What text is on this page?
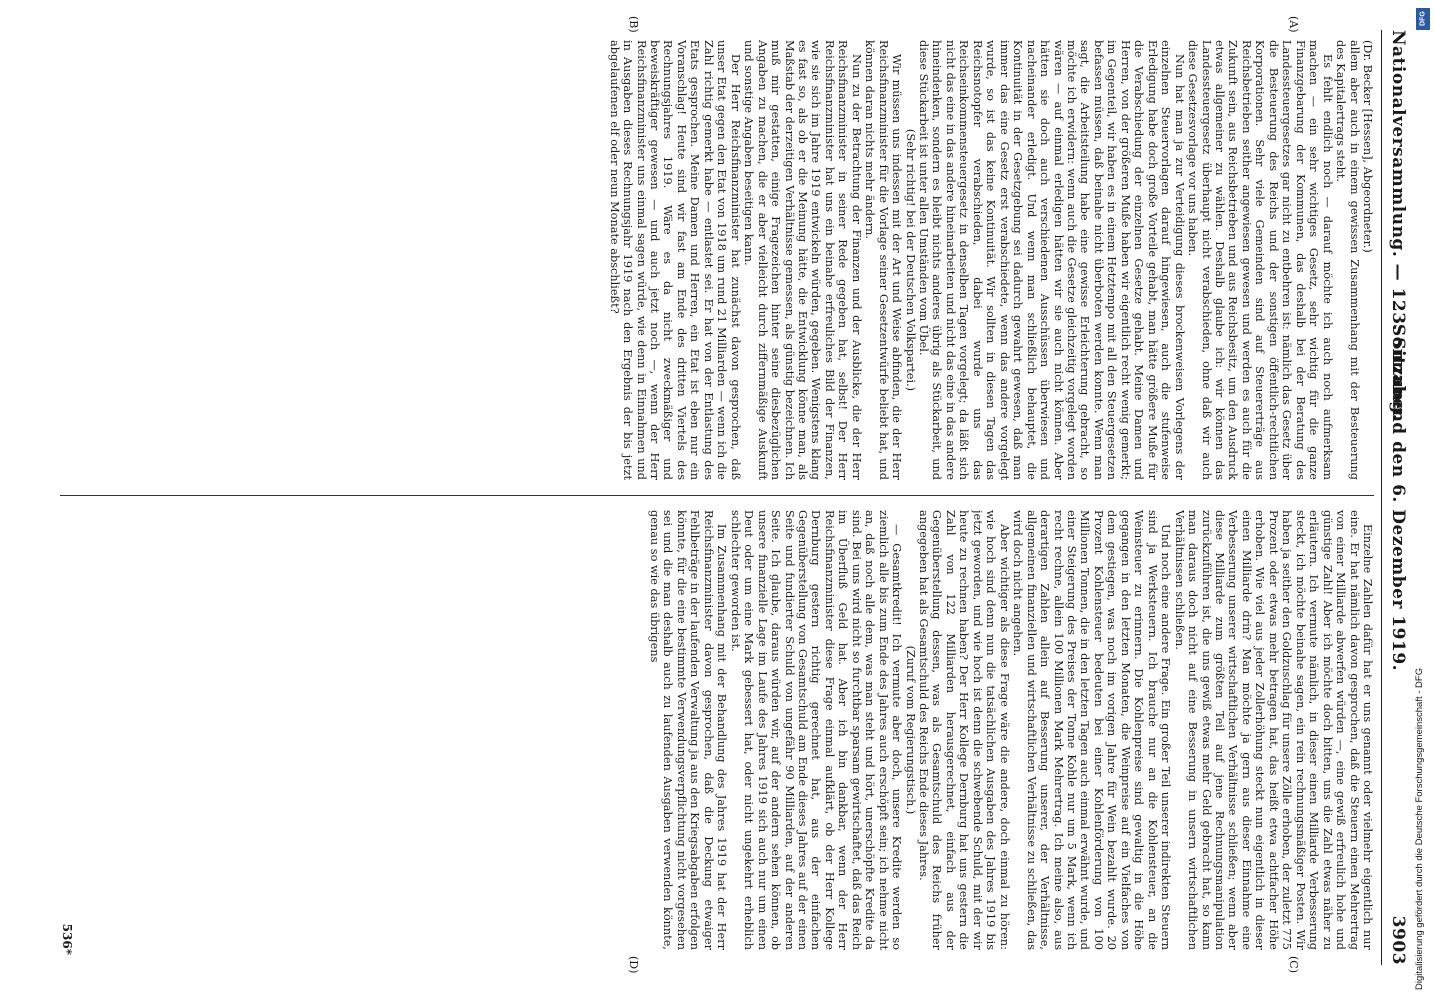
Nationalversammlung. — 123. Sitzung.
Sonnabend den 6. Dezember 1919.
3903

(Dr. Becker [Hessen], Abgeordneter.)

allem aber auch in einem gewissen Zusammenhang mit der Besteuerung des Kapitalertrags steht.

Es fehlt endlich noch — darauf möchte ich auch noch aufmerksam machen — ein sehr wichtiges Gesetz, sehr wichtig für die ganze Finanzgebarung der Kommunen, das deshalb bei der Beratung des Landessteuergesetzes gar nicht zu entbehren ist: nämlich das Gesetz über die Besteuerung des Reichs und der sonstigen öffentlich-rechtlichen Korporationen. Sehr viele Gemeinden sind auf Steuererträge aus Reichsbetrieben seither angewiesen gewesen und werden es auch für die Zukunft sein, aus Reichsbetrieben und aus Reichsbesitz, um den Ausdruck etwas allgemeiner zu wählen. Deshalb glaube ich: wir können das Landessteuergesetz überhaupt nicht verabschieden, ohne daß wir auch diese Gesetzesvorlage vor uns haben.

Nun hat man ja zur Verteidigung dieses brockenweisen Vorlegens der einzelnen Steuervorlagen darauf hingewiesen, auch die stufenweise Erledigung habe doch große Vorteile gehabt, man hätte größere Muße für die Verabschiedung der einzelnen Gesetze gehabt. Meine Damen und Herren, von der größeren Muße haben wir eigentlich recht wenig gemerkt; im Gegenteil, wir haben es in einem Hetztempo mit all den Steuergesetzen befassen müssen, daß beinahe nicht überboten werden konnte. Wenn man sagt, die Arbeitsteilung habe eine gewisse Erleichterung gebracht, so möchte ich erwidern: wenn auch die Gesetze gleichzeitig vorgelegt worden wären — auf einmal erledigen hätten wir sie auch nicht können. Aber hätten sie doch auch verschiedenen Ausschüssen überwiesen und nacheinander erledigt. Und wenn man schließlich behauptet, die Kontinuität in der Gesetzgebung sei dadurch gewahrt gewesen, daß man immer das eine Gesetz erst verabschiedete, wenn das andere vorgelegt wurde, so ist das keine Kontinuität. Wir sollten in diesen Tagen das Reichsnotopfer verabschieden, dabei wurde uns das Reichseinkommensteuergesetz in denselben Tagen vorgelegt; da läßt sich nicht das eine in das andere hineinarbeiten und nicht das eine in das andere hineindenken, sondern es bleibt nichts anderes übrig als Stückarbeit, und diese Stückarbeit ist unter allen Umständen vom Übel.

(Sehr richtig! bei der Deutschen Volkspartei.)

Wir müssen uns indessen mit der Art und Weise abfinden, die der Herr Reichsfinanzminister für die Vorlage seiner Gesetzentwürfe beliebt hat, und können daran nichts mehr ändern.

Nun zu der Betrachtung der Finanzen und der Ausblicke, die der Herr Reichsfinanzminister in seiner Rede gegeben hat, selbst! Der Herr Reichsfinanzminister hat uns ein beinahe erfreuliches Bild der Finanzen, wie sie sich im Jahre 1919 entwickeln würden, gegeben. Wenigstens klang es fast so, als ob er die Meinung hätte, die Entwicklung könne man, als Maßstab der derzeitigen Verhältnisse gemessen, als günstig bezeichnen. Ich muß mir gestatten, einige Fragezeichen hinter seine diesbezüglichen Angaben zu machen, die er aber vielleicht durch ziffernmäßige Auskunft und sonstige Angaben beseitigen kann.

Der Herr Reichsfinanzminister hat zunächst davon gesprochen, daß unser Etat gegen den Etat von 1918 um rund 21 Milliarden — wenn ich die Zahl richtig gemerkt habe — entlastet sei. Er hat von der Entlastung des Etats gesprochen. Meine Damen und Herren, ein Etat ist eben nur ein Voranschlag! Heute sind wir fast am Ende des dritten Viertels des Rechnungsjahres 1919. Wäre es da nicht zweckmäßiger und beweiskräftiger gewesen — und auch jetzt noch —, wenn der Herr Reichsfinanzminister uns einmal sagen würde, wie denn in Einnahmen und in Ausgaben dieses Rechnungsjahr 1919 nach den Ergebnis der bis jetzt abgelaufenen elf oder neun Monate abschließt?

Einzelne Zahlen dafür hat er uns genannt oder vielmehr eigentlich nur eine. Er hat nämlich davon gesprochen, daß die Steuern einen Mehrertrag von einer Milliarde abwerfen würden —, eine gewiß erfreulich hohe und günstige Zahl! Aber ich möchte doch bitten, uns die Zahl etwas näher zu erläutern. Ich vermute nämlich, in dieser einen Milliarde Verbesserung steckt, ich möchte beinahe sagen, ein rein rechnungsmäßiger Posten. Wir haben ja seither den Goldzuschlag für unsere Zölle erhoben, der zuletzt 775 Prozent oder etwas mehr betragen hat, das heißt etwa achtfacher Höhe erhoben. Wie viel aus jeder Zollerhöhung steckt nun eigentlich in dieser einen Milliarde drin? Man möchte ja gern aus dieser Einnahme eine Verbesserung unserer wirtschaftlichen Verhältnisse schließen; wenn aber diese Milliarde zum größten Teil auf jene Rechnungsmanipulation zurückzuführen ist, die uns gewiß etwas mehr Geld gebracht hat, so kann man daraus doch nicht auf eine Besserung in unsern wirtschaftlichen Verhältnissen schließen.

Und noch eine andere Frage. Ein großer Teil unserer indirekten Steuern sind ja Werksteuern. Ich brauche nur an die Kohlensteuer, an die Weinsteuer zu erinnern. Die Kohlenpreise sind gewaltig in die Höhe gegangen in den letzten Monaten, die Weinpreise auf ein Vielfaches von dem gestiegen, was noch im vorigen Jahre für Wein bezahlt wurde. 20 Prozent Kohlensteuer bedeuten bei einer Kohlenförderung von 100 Millionen Tonnen, die in den letzten Tagen auch einmal erwähnt wurde, und einer Steigerung des Preises der Tonne Kohle nur um 5 Mark, wenn ich recht rechne, allein 100 Millionen Mark Mehrertrag. Ich meine also, aus derartigen Zahlen allein auf Besserung unserer, der Verhältnisse, allgemeinen finanziellen und wirtschaftlichen Verhältnisse zu schließen, das wird doch nicht angehen.

Aber wichtiger als diese Frage wäre die andere, doch einmal zu hören: wie hoch sind denn nun die tatsächlichen Ausgaben des Jahres 1919 bis jetzt geworden, und wie hoch ist denn die schwebende Schuld, mit der wir heute zu rechnen haben? Der Herr Kollege Dernburg hat uns gestern die Zahl von 122 Milliarden herausgerechnet, einfach aus der Gegenüberstellung dessen, was als Gesamtschuld des Reichs früher angegeben hat als Gesamtschuld des Reichs Ende dieses Jahres.

(Zuruf vom Regierungstisch.)

— Gesamtkredit! Ich vermute aber doch, unsere Kredite werden so ziemlich alle bis zum Ende des Jahres auch erschöpft sein; ich nehme nicht an, daß noch alle dem, was man steht und hört, unerschöpfte Kredite da sind. Bei uns wird nicht so furchtbar sparsam gewirtschaftet, daß das Reich im Überfluß Geld hat. Aber ich bin dankbar, wenn der Herr Reichsfinanzminister diese Frage einmal aufklärt, ob der Herr Kollege Dernburg gestern richtig gerechnet hat, aus der einfachen Gegenüberstellung von Gesamtschuld am Ende dieses Jahres auf der einen Seite und fundierter Schuld von ungefähr 90 Milliarden, auf der anderen Seite. Ich glaube, daraus würden wir, auf der andern sehen können, ob unsere finanzielle Lage im Laufe des Jahres 1919 sich auch nur um einen Deut oder um eine Mark gebessert hat, oder nicht ungekehrt erheblich schlechter geworden ist.

Im Zusammenhang mit der Behandlung des Jahres 1919 hat der Herr Reichsfinanzminister davon gesprochen, daß die Deckung etwaiger Fehlbeträge in der laufenden Verwaltung ja aus den Kriegsabgaben erfolgen könnte, für die eine bestimmte Verwendungsverpflichtung nicht vorgesehen sei und die man deshalb auch zu laufenden Ausgaben verwenden könnte, genau so wie das übrigens

(A)
(B)
(C)
(D)
536*
DFG
Digitalisierung gefördert durch die Deutsche Forschungsgemeinschaft - DFG
